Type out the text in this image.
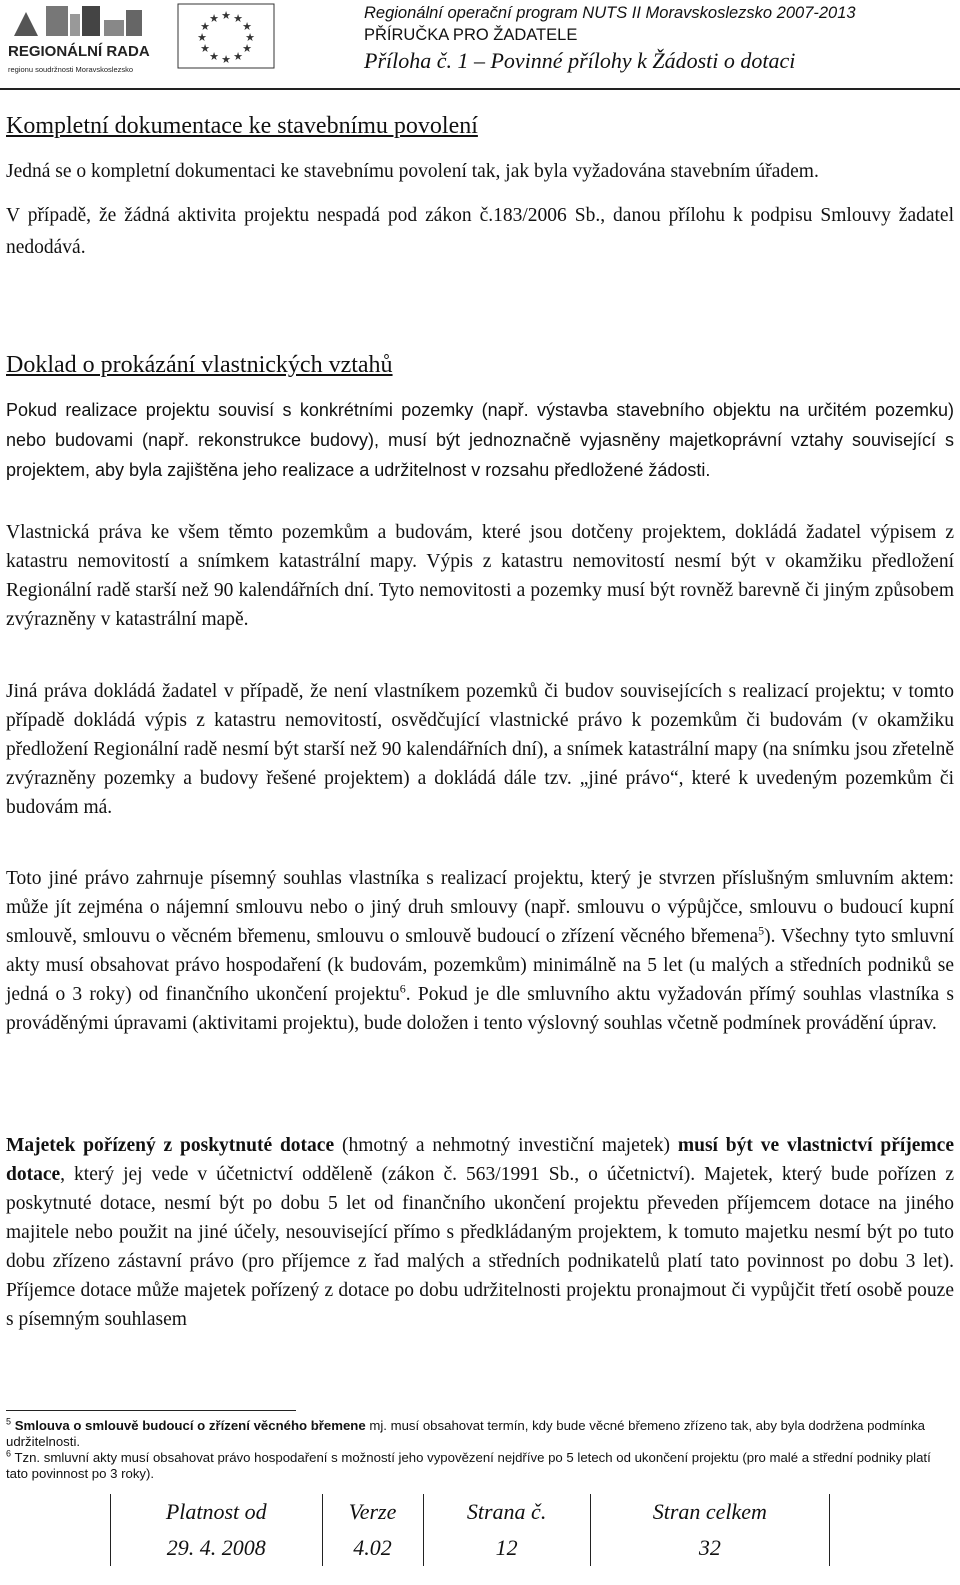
REGIONÁLNÍ RADA
regionu soudržnosti Moravskoslezsko
★ ★
★
★
★
★
★
★
★
★
★
★	Regionální operační program NUTS II Moravskoslezsko 2007-2013
PŘÍRUČKA PRO ŽADATELE
Příloha č. 1 – Povinné přílohy k Žádosti o dotaci
Kompletní dokumentace ke stavebnímu povolení

Jedná se o kompletní dokumentaci ke stavebnímu povolení tak, jak byla vyžadována stavebním úřadem.

V případě, že žádná aktivita projektu nespadá pod zákon č.183/2006 Sb., danou přílohu k podpisu Smlouvy žadatel nedodává.

Doklad o prokázání vlastnických vztahů

Pokud realizace projektu souvisí s konkrétními pozemky (např. výstavba stavebního objektu na určitém pozemku) nebo budovami (např. rekonstrukce budovy), musí být jednoznačně vyjasněny majetkoprávní vztahy související s projektem, aby byla zajištěna jeho realizace a udržitelnost v rozsahu předložené žádosti.

Vlastnická práva ke všem těmto pozemkům a budovám, které jsou dotčeny projektem, dokládá žadatel výpisem z katastru nemovitostí a snímkem katastrální mapy. Výpis z katastru nemovitostí nesmí být v okamžiku předložení Regionální radě starší než 90 kalendářních dní. Tyto nemovitosti a pozemky musí být rovněž barevně či jiným způsobem zvýrazněny v katastrální mapě.

Jiná práva dokládá žadatel v případě, že není vlastníkem pozemků či budov souvisejících s realizací projektu; v tomto případě dokládá výpis z katastru nemovitostí, osvědčující vlastnické právo k pozemkům či budovám (v okamžiku předložení Regionální radě nesmí být starší než 90 kalendářních dní), a snímek katastrální mapy (na snímku jsou zřetelně zvýrazněny pozemky a budovy řešené projektem) a dokládá dále tzv. „jiné právo“, které k uvedeným pozemkům či budovám má.

Toto jiné právo zahrnuje písemný souhlas vlastníka s realizací projektu, který je stvrzen příslušným smluvním aktem: může jít zejména o nájemní smlouvu nebo o jiný druh smlouvy (např. smlouvu o výpůjčce, smlouvu o budoucí kupní smlouvě, smlouvu o věcném břemenu, smlouvu o smlouvě budoucí o zřízení věcného břemena$^5$). Všechny tyto smluvní akty musí obsahovat právo hospodaření (k budovám, pozemkům) minimálně na 5 let (u malých a středních podniků se jedná o 3 roky) od finančního ukončení projektu$^6$. Pokud je dle smluvního aktu vyžadován přímý souhlas vlastníka s prováděnými úpravami (aktivitami projektu), bude doložen i tento výslovný souhlas včetně podmínek provádění úprav.

Majetek pořízený z poskytnuté dotace (hmotný a nehmotný investiční majetek) musí být ve vlastnictví příjemce dotace, který jej vede v účetnictví odděleně (zákon č. 563/1991 Sb., o účetnictví). Majetek, který bude pořízen z poskytnuté dotace, nesmí být po dobu 5 let od finančního ukončení projektu převeden příjemcem dotace na jiného majitele nebo použit na jiné účely, nesouvisející přímo s předkládaným projektem, k tomuto majetku nesmí být po tuto dobu zřízeno zástavní právo (pro příjemce z řad malých a středních podnikatelů platí tato povinnost po dobu 3 let). Příjemce dotace může majetek pořízený z dotace po dobu udržitelnosti projektu pronajmout či vypůjčit třetí osobě pouze s písemným souhlasem

$^5$ Smlouva o smlouvě budoucí o zřízení věcného břemene mj. musí obsahovat termín, kdy bude věcné břemeno zřízeno tak, aby byla dodržena podmínka udržitelnosti.

$^6$ Tzn. smluvní akty musí obsahovat právo hospodaření s možností jeho vypovězení nejdříve po 5 letech od ukončení projektu (pro malé a střední podniky platí tato povinnost po 3 roky).

Platnost od	Verze	Strana č.	Stran celkem
29. 4. 2008	4.02	12	32
